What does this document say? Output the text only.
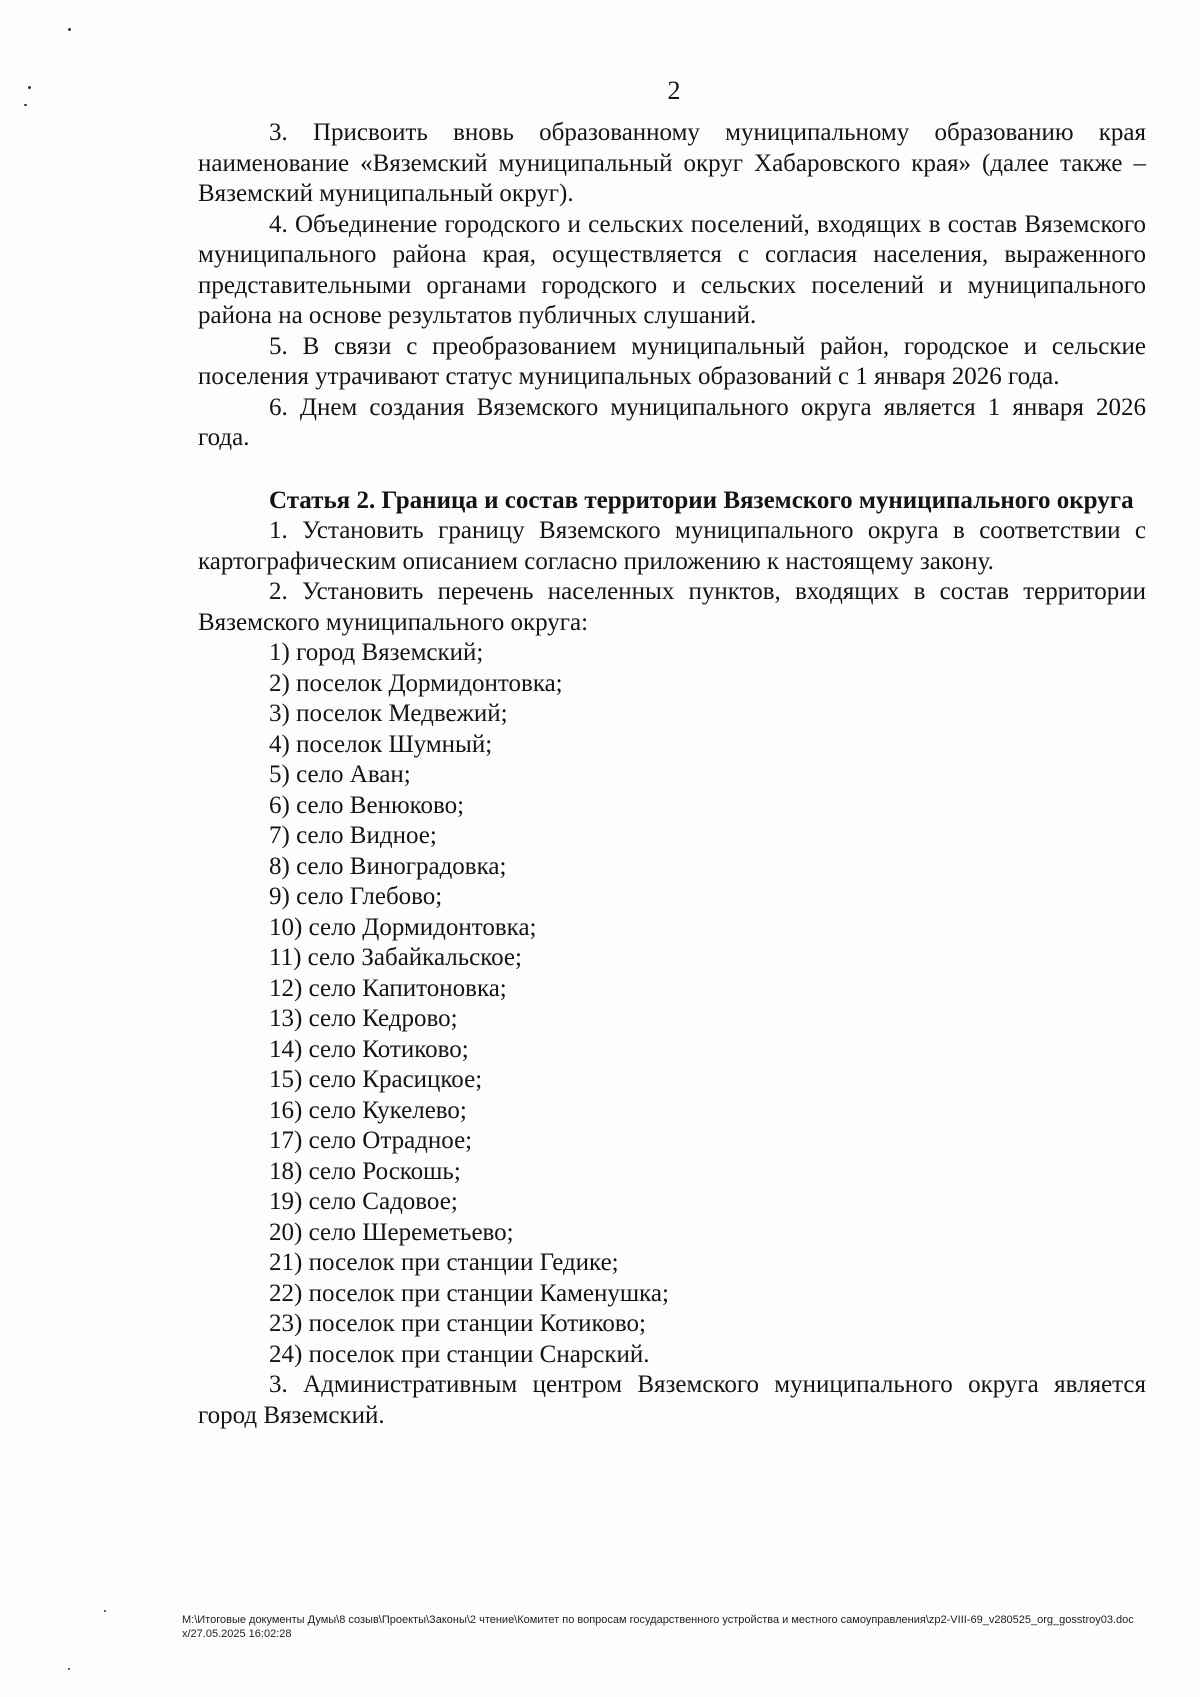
2

3. Присвоить вновь образованному муниципальному образованию края наименование «Вяземский муниципальный округ Хабаровского края» (далее также – Вяземский муниципальный округ).

4. Объединение городского и сельских поселений, входящих в состав Вяземского муниципального района края, осуществляется с согласия населения, выраженного представительными органами городского и сельских поселений и муниципального района на основе результатов публичных слушаний.

5. В связи с преобразованием муниципальный район, городское и сельские поселения утрачивают статус муниципальных образований с 1 января 2026 года.

6. Днем создания Вяземского муниципального округа является 1 января 2026 года.

Статья 2. Граница и состав территории Вяземского муниципального округа

1. Установить границу Вяземского муниципального округа в соответствии с картографическим описанием согласно приложению к настоящему закону.

2. Установить перечень населенных пунктов, входящих в состав территории Вяземского муниципального округа:

1) город Вяземский;
2) поселок Дормидонтовка;
3) поселок Медвежий;
4) поселок Шумный;
5) село Аван;
6) село Венюково;
7) село Видное;
8) село Виноградовка;
9) село Глебово;
10) село Дормидонтовка;
11) село Забайкальское;
12) село Капитоновка;
13) село Кедрово;
14) село Котиково;
15) село Красицкое;
16) село Кукелево;
17) село Отрадное;
18) село Роскошь;
19) село Садовое;
20) село Шереметьево;
21) поселок при станции Гедике;
22) поселок при станции Каменушка;
23) поселок при станции Котиково;
24) поселок при станции Снарский.

3. Административным центром Вяземского муниципального округа является город Вяземский.

M:\Итоговые документы Думы\8 созыв\Проекты\Законы\2 чтение\Комитет по вопросам государственного устройства и местного самоуправления\zp2-VIII-69_v280525_org_gosstroy03.docx/27.05.2025 16:02:28
